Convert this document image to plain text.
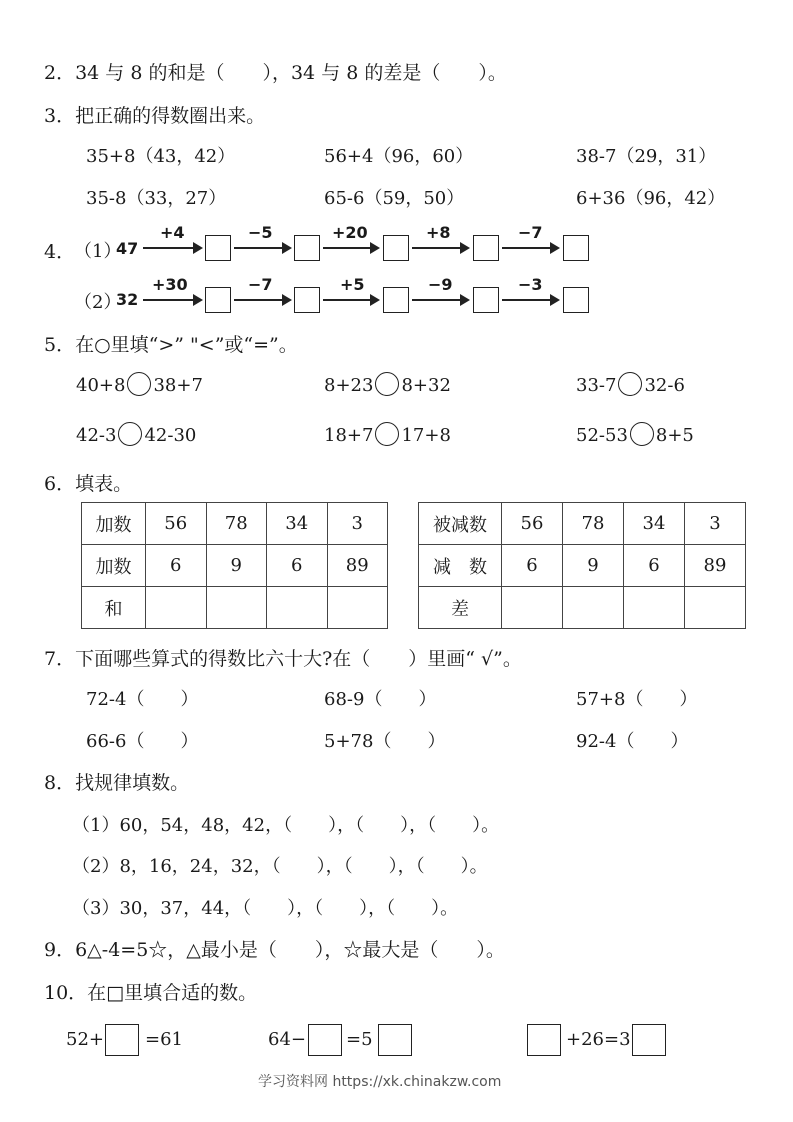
2．34 与 8 的和是（　　），34 与 8 的差是（　　）。
3．把正确的得数圈出来。
35+8（43，42）	56+4（96，60）	38-7（29，31）
35-8（33，27）	65-6（59，50）	6+36（96，42）
4．
（1）
47
+4	−5	+20	+8	−7
（2）
32
+30	−7	+5	−9	−3
5．在○里填“>” "<”或“=”。
40+8 38+7	8+23 8+32	33-7 32-6
42-3 42-30	18+7 17+8	52-53 8+5
6．填表。
加数	56	78	34	3
加数	6	9	6	89
和				
被减数	56	78	34	3
减　数	6	9	6	89
差				
7．下面哪些算式的得数比六十大?在（　　）里画“ √”。
72-4（　　）	68-9（　　）	57+8（　　）
66-6（　　）	5+78（　　）	92-4（　　）
8．找规律填数。
（1）60，54，48，42，（　　），（　　），（　　）。
（2）8，16，24，32，（　　），（　　），（　　）。
（3）30，37，44，（　　），（　　），（　　）。
9．6△-4=5☆，△最小是（　　），☆最大是（　　）。
10．在□里填合适的数。
52+ =61	64− =5	+26=3
学习资料网 https://xk.chinakzw.com
